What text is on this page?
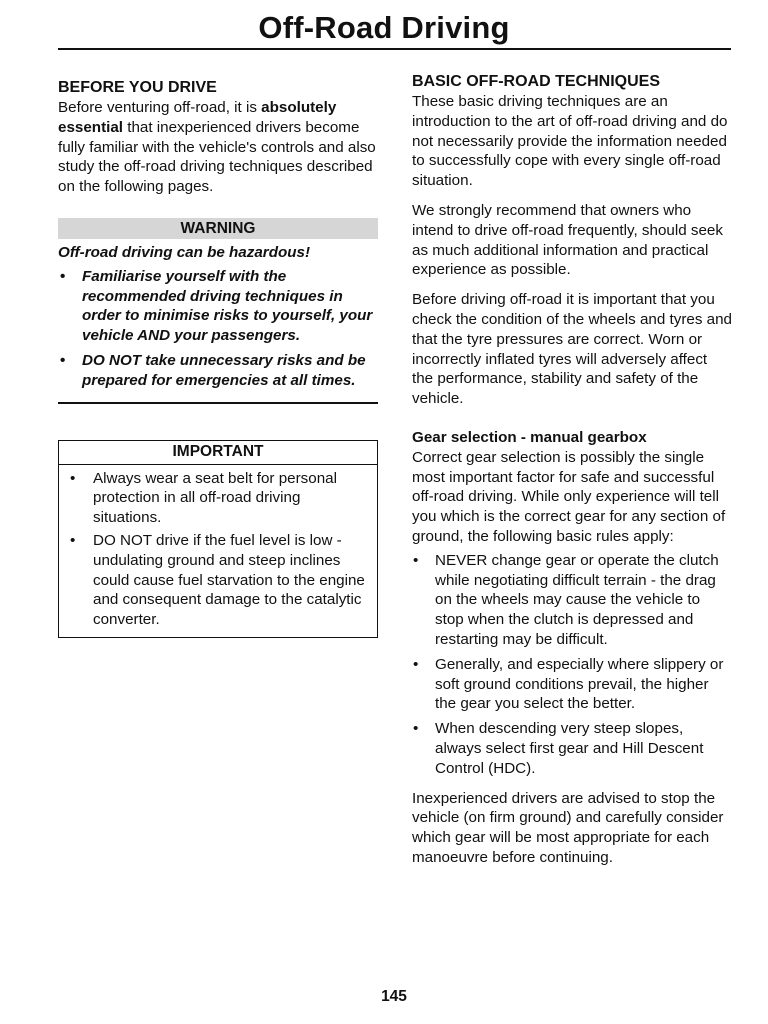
Off-Road Driving
BEFORE YOU DRIVE

Before venturing off-road, it is absolutely essential that inexperienced drivers become fully familiar with the vehicle's controls and also study the off-road driving techniques described on the following pages.

WARNING

Off-road driving can be hazardous!

• Familiarise yourself with the recommended driving techniques in order to minimise risks to yourself, your vehicle AND your passengers.
• DO NOT take unnecessary risks and be prepared for emergencies at all times.
IMPORTANT
• Always wear a seat belt for personal protection in all off-road driving situations.
• DO NOT drive if the fuel level is low - undulating ground and steep inclines could cause fuel starvation to the engine and consequent damage to the catalytic converter.
BASIC OFF-ROAD TECHNIQUES

These basic driving techniques are an introduction to the art of off-road driving and do not necessarily provide the information needed to successfully cope with every single off-road situation.

We strongly recommend that owners who intend to drive off-road frequently, should seek as much additional information and practical experience as possible.

Before driving off-road it is important that you check the condition of the wheels and tyres and that the tyre pressures are correct. Worn or incorrectly inflated tyres will adversely affect the performance, stability and safety of the vehicle.

Gear selection - manual gearbox

Correct gear selection is possibly the single most important factor for safe and successful off-road driving. While only experience will tell you which is the correct gear for any section of ground, the following basic rules apply:

• NEVER change gear or operate the clutch while negotiating difficult terrain - the drag on the wheels may cause the vehicle to stop when the clutch is depressed and restarting may be difficult.
• Generally, and especially where slippery or soft ground conditions prevail, the higher the gear you select the better.
• When descending very steep slopes, always select first gear and Hill Descent Control (HDC).

Inexperienced drivers are advised to stop the vehicle (on firm ground) and carefully consider which gear will be most appropriate for each manoeuvre before continuing.

145
